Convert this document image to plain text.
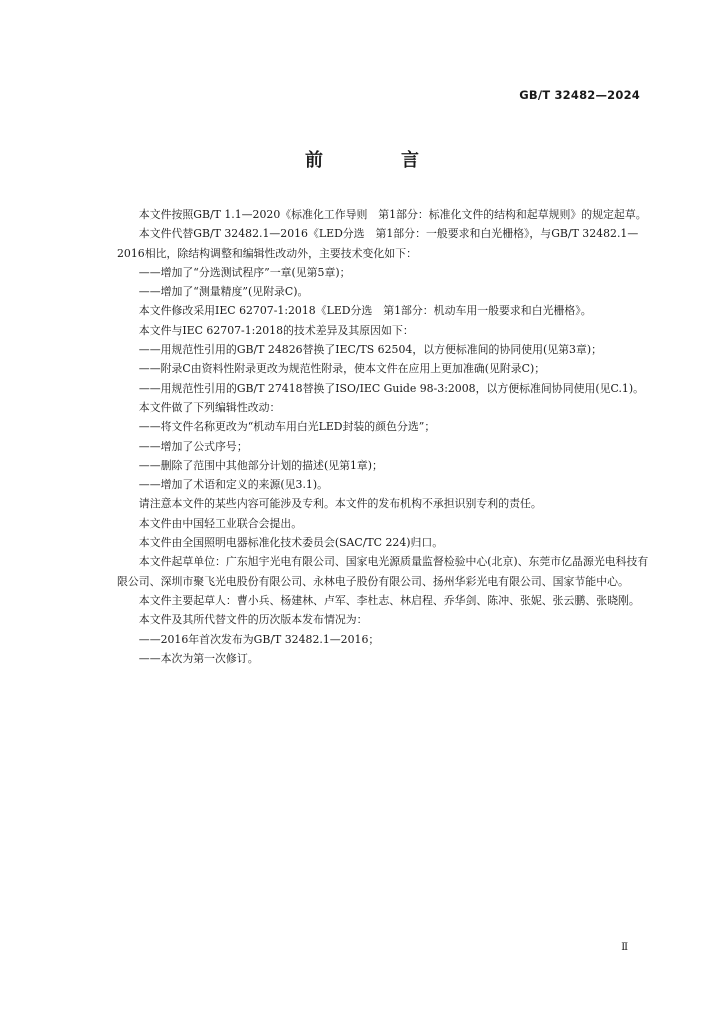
GB/T 32482—2024
前　言

本文件按照GB/T 1.1—2020《标准化工作导则　第1部分：标准化文件的结构和起草规则》的规定起草。

本文件代替GB/T 32482.1—2016《LED分选　第1部分：一般要求和白光栅格》，与GB/T 32482.1—2016相比，除结构调整和编辑性改动外，主要技术变化如下：

——增加了“分选测试程序”一章(见第5章)；

——增加了“测量精度”(见附录C)。

本文件修改采用IEC 62707-1:2018《LED分选　第1部分：机动车用一般要求和白光栅格》。

本文件与IEC 62707-1:2018的技术差异及其原因如下：

——用规范性引用的GB/T 24826替换了IEC/TS 62504，以方便标准间的协同使用(见第3章)；

——附录C由资料性附录更改为规范性附录，使本文件在应用上更加准确(见附录C)；

——用规范性引用的GB/T 27418替换了ISO/IEC Guide 98-3:2008，以方便标准间协同使用(见C.1)。

本文件做了下列编辑性改动：

——将文件名称更改为“机动车用白光LED封装的颜色分选”；

——增加了公式序号；

——删除了范围中其他部分计划的描述(见第1章)；

——增加了术语和定义的来源(见3.1)。

请注意本文件的某些内容可能涉及专利。本文件的发布机构不承担识别专利的责任。

本文件由中国轻工业联合会提出。

本文件由全国照明电器标准化技术委员会(SAC/TC 224)归口。

本文件起草单位：广东旭宇光电有限公司、国家电光源质量监督检验中心(北京)、东莞市亿晶源光电科技有限公司、深圳市聚飞光电股份有限公司、永林电子股份有限公司、扬州华彩光电有限公司、国家节能中心。

本文件主要起草人：曹小兵、杨建林、卢军、李杜志、林启程、乔华剑、陈冲、张妮、张云鹏、张晓刚。

本文件及其所代替文件的历次版本发布情况为：

——2016年首次发布为GB/T 32482.1—2016；

——本次为第一次修订。

Ⅱ
